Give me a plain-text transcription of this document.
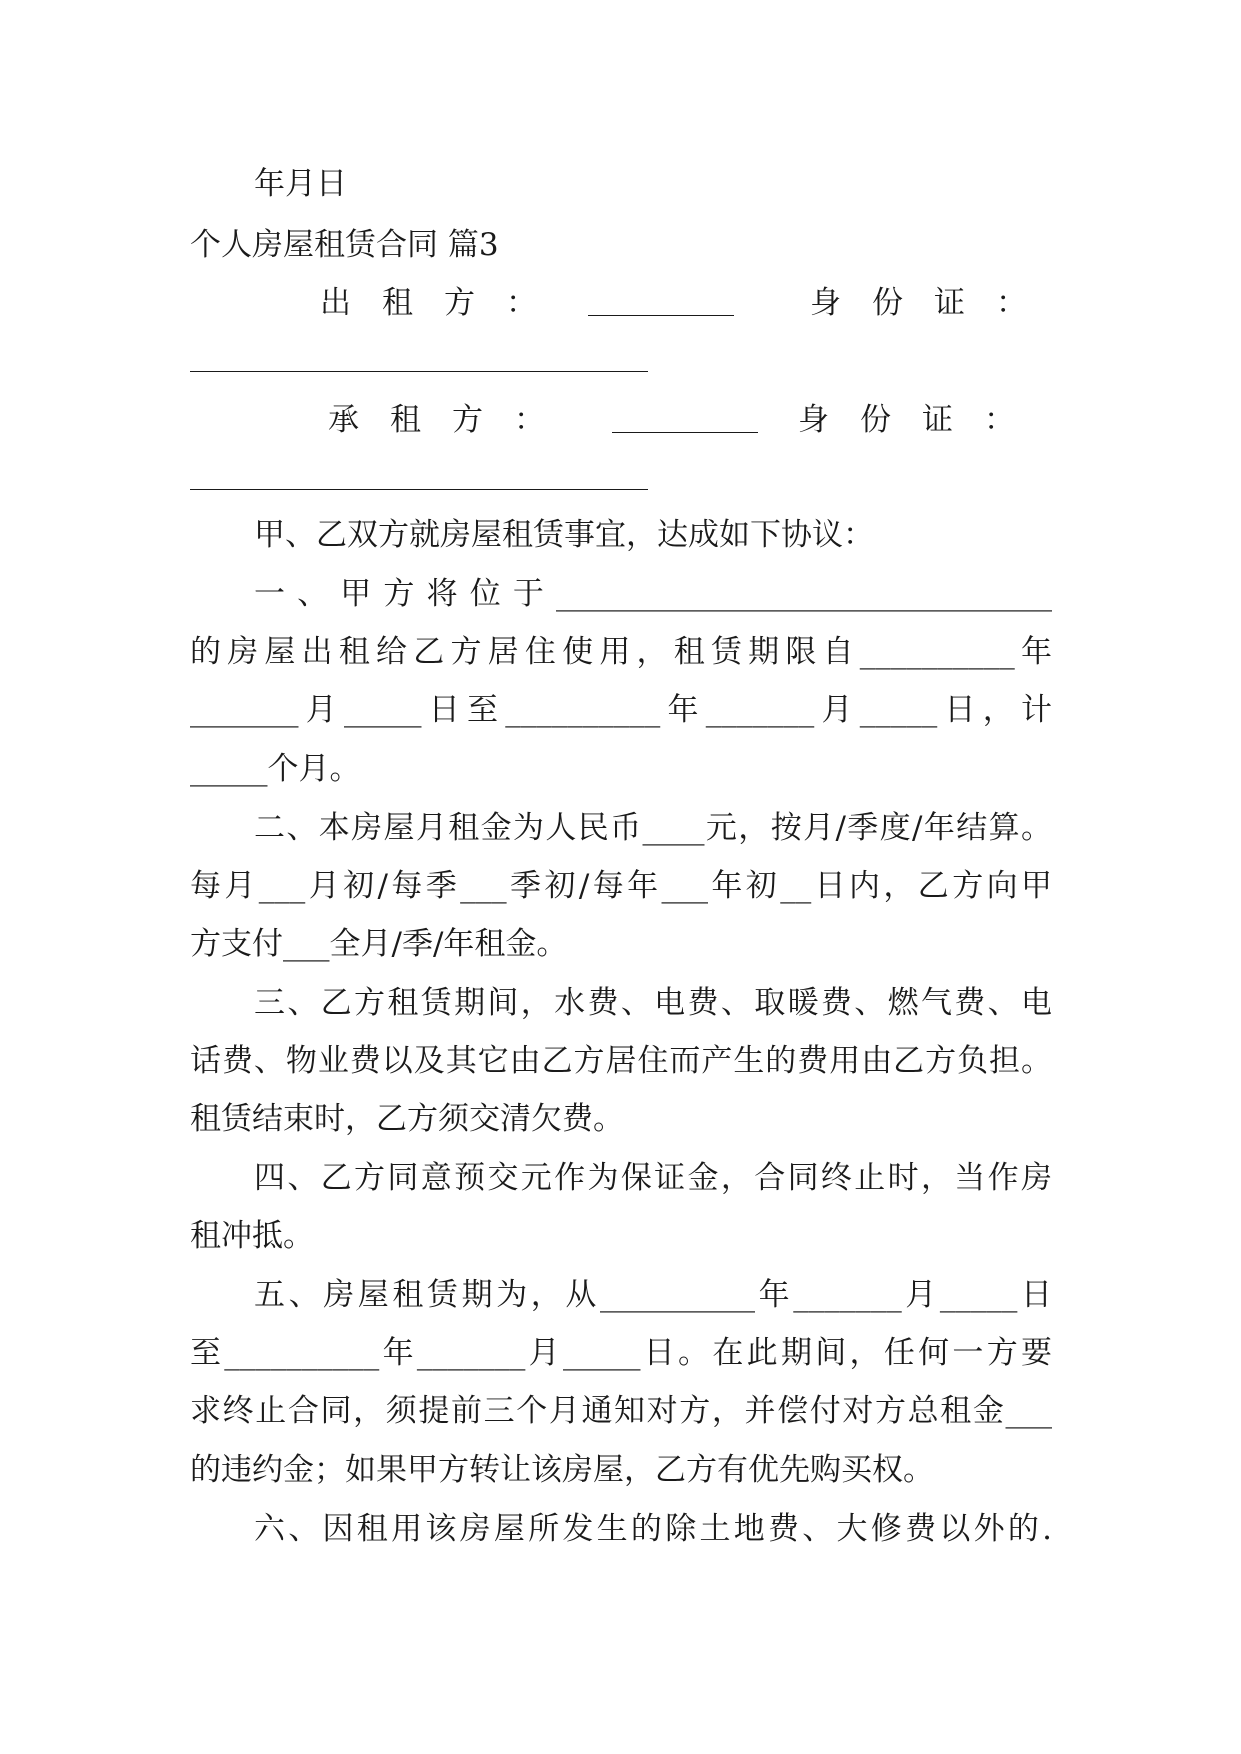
年月日
个人房屋租赁合同 篇3
出　租　方　：	身　份　证　：
承　租　方　：	身　份　证　：
甲、乙双方就房屋租赁事宜，达成如下协议：
一、甲方将位于________________________________
的房屋出租给乙方居住使用，租赁期限自__________年
_______月_____日至__________年_______月_____日，计
_____个月。
二、本房屋月租金为人民币____元，按月/季度/年结算。
每月___月初/每季___季初/每年___年初__日内，乙方向甲
方支付___全月/季/年租金。
三、乙方租赁期间，水费、电费、取暖费、燃气费、电
话费、物业费以及其它由乙方居住而产生的费用由乙方负担。
租赁结束时，乙方须交清欠费。
四、乙方同意预交元作为保证金，合同终止时，当作房
租冲抵。
五、房屋租赁期为，从__________年_______月_____日
至__________年_______月_____日。在此期间，任何一方要
求终止合同，须提前三个月通知对方，并偿付对方总租金___
的违约金；如果甲方转让该房屋，乙方有优先购买权。
六、因租用该房屋所发生的除土地费、大修费以外的.
